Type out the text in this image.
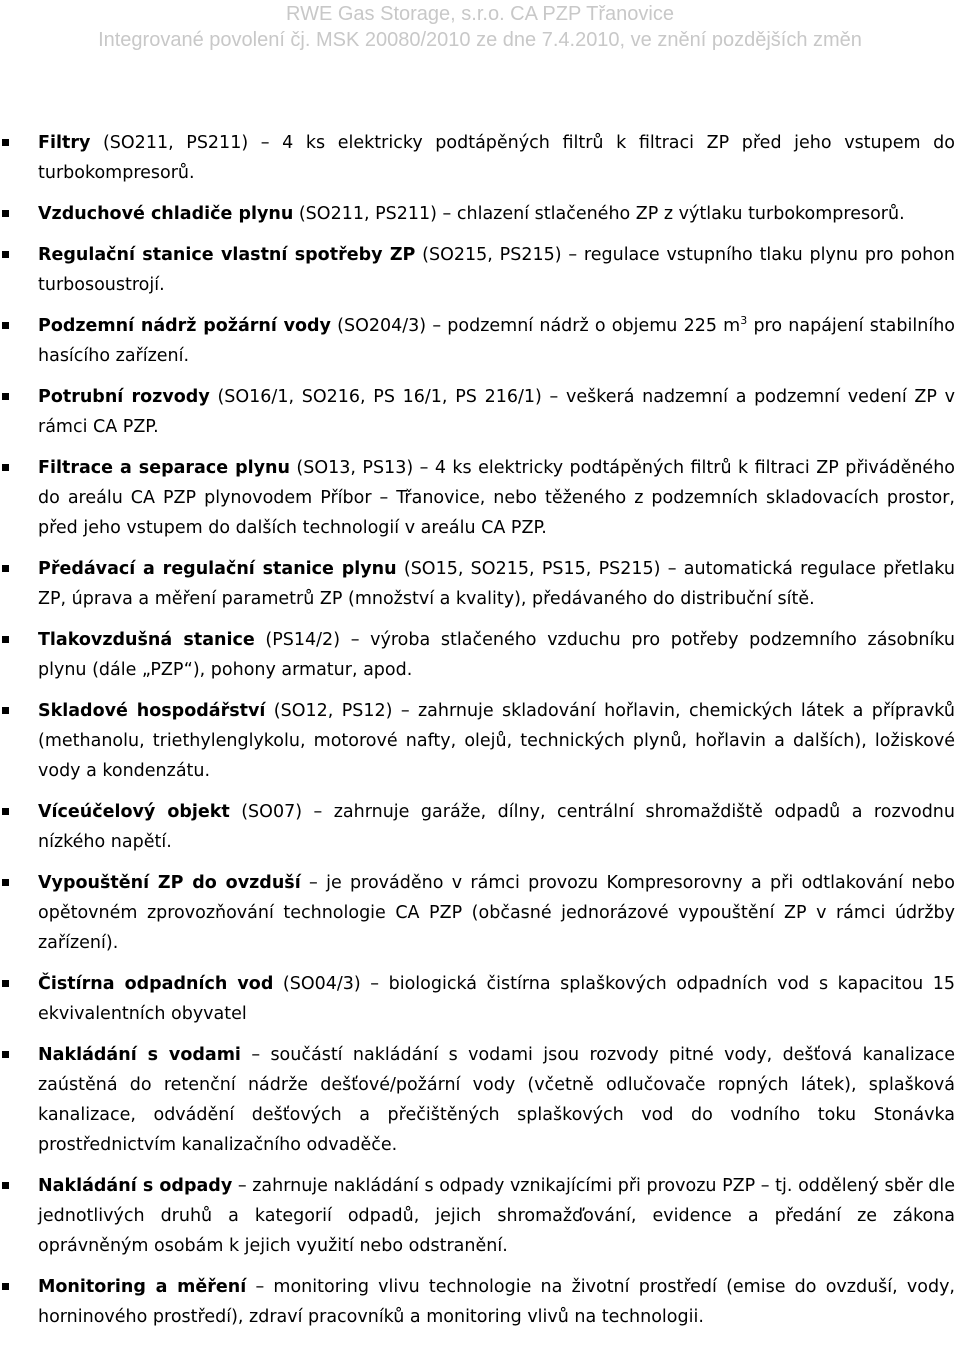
RWE Gas Storage, s.r.o. CA PZP Třanovice
Integrované povolení čj. MSK 20080/2010 ze dne 7.4.2010, ve znění pozdějších změn
Filtry (SO211, PS211) – 4 ks elektricky podtápěných filtrů k filtraci ZP před jeho vstupem do turbokompresorů.
Vzduchové chladiče plynu (SO211, PS211) – chlazení stlačeného ZP z výtlaku turbokompresorů.
Regulační stanice vlastní spotřeby ZP (SO215, PS215) – regulace vstupního tlaku plynu pro pohon turbosoustrojí.
Podzemní nádrž požární vody (SO204/3) – podzemní nádrž o objemu 225 $m^3$ pro napájení stabilního hasícího zařízení.
Potrubní rozvody (SO16/1, SO216, PS 16/1, PS 216/1) – veškerá nadzemní a podzemní vedení ZP v rámci CA PZP.
Filtrace a separace plynu (SO13, PS13) – 4 ks elektricky podtápěných filtrů k filtraci ZP přiváděného do areálu CA PZP plynovodem Příbor – Třanovice, nebo těženého z podzemních skladovacích prostor, před jeho vstupem do dalších technologií v areálu CA PZP.
Předávací a regulační stanice plynu (SO15, SO215, PS15, PS215) – automatická regulace přetlaku ZP, úprava a měření parametrů ZP (množství a kvality), předávaného do distribuční sítě.
Tlakovzdušná stanice (PS14/2) – výroba stlačeného vzduchu pro potřeby podzemního zásobníku plynu (dále „PZP“), pohony armatur, apod.
Skladové hospodářství (SO12, PS12) – zahrnuje skladování hořlavin, chemických látek a přípravků (methanolu, triethylenglykolu, motorové nafty, olejů, technických plynů, hořlavin a dalších), ložiskové vody a kondenzátu.
Víceúčelový objekt (SO07) – zahrnuje garáže, dílny, centrální shromaždiště odpadů a rozvodnu nízkého napětí.
Vypouštění ZP do ovzduší – je prováděno v rámci provozu Kompresorovny a při odtlakování nebo opětovném zprovozňování technologie CA PZP (občasné jednorázové vypouštění ZP v rámci údržby zařízení).
Čistírna odpadních vod (SO04/3) – biologická čistírna splaškových odpadních vod s kapacitou 15 ekvivalentních obyvatel
Nakládání s vodami – součástí nakládání s vodami jsou rozvody pitné vody, dešťová kanalizace zaústěná do retenční nádrže dešťové/požární vody (včetně odlučovače ropných látek), splašková kanalizace, odvádění dešťových a přečištěných splaškových vod do vodního toku Stonávka prostřednictvím kanalizačního odvaděče.
Nakládání s odpady – zahrnuje nakládání s odpady vznikajícími při provozu PZP – tj. oddělený sběr dle jednotlivých druhů a kategorií odpadů, jejich shromažďování, evidence a předání ze zákona oprávněným osobám k jejich využití nebo odstranění.
Monitoring a měření – monitoring vlivu technologie na životní prostředí (emise do ovzduší, vody, horninového prostředí), zdraví pracovníků a monitoring vlivů na technologii.
